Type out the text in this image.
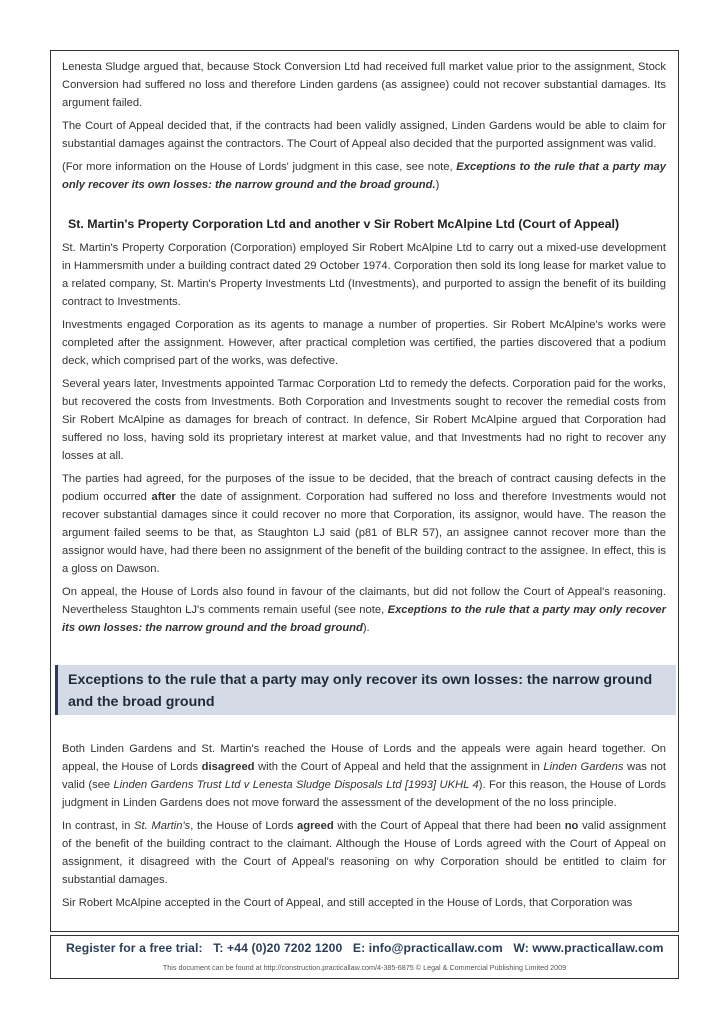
Lenesta Sludge argued that, because Stock Conversion Ltd had received full market value prior to the assignment, Stock Conversion had suffered no loss and therefore Linden gardens (as assignee) could not recover substantial damages. Its argument failed.

The Court of Appeal decided that, if the contracts had been validly assigned, Linden Gardens would be able to claim for substantial damages against the contractors. The Court of Appeal also decided that the purported assignment was valid.

(For more information on the House of Lords' judgment in this case, see note, Exceptions to the rule that a party may only recover its own losses: the narrow ground and the broad ground.)

St. Martin's Property Corporation Ltd and another v Sir Robert McAlpine Ltd (Court of Appeal)

St. Martin's Property Corporation (Corporation) employed Sir Robert McAlpine Ltd to carry out a mixed-use development in Hammersmith under a building contract dated 29 October 1974. Corporation then sold its long lease for market value to a related company, St. Martin's Property Investments Ltd (Investments), and purported to assign the benefit of its building contract to Investments.

Investments engaged Corporation as its agents to manage a number of properties. Sir Robert McAlpine's works were completed after the assignment. However, after practical completion was certified, the parties discovered that a podium deck, which comprised part of the works, was defective.

Several years later, Investments appointed Tarmac Corporation Ltd to remedy the defects. Corporation paid for the works, but recovered the costs from Investments. Both Corporation and Investments sought to recover the remedial costs from Sir Robert McAlpine as damages for breach of contract. In defence, Sir Robert McAlpine argued that Corporation had suffered no loss, having sold its proprietary interest at market value, and that Investments had no right to recover any losses at all.

The parties had agreed, for the purposes of the issue to be decided, that the breach of contract causing defects in the podium occurred after the date of assignment. Corporation had suffered no loss and therefore Investments would not recover substantial damages since it could recover no more that Corporation, its assignor, would have. The reason the argument failed seems to be that, as Staughton LJ said (p81 of BLR 57), an assignee cannot recover more than the assignor would have, had there been no assignment of the benefit of the building contract to the assignee. In effect, this is a gloss on Dawson.

On appeal, the House of Lords also found in favour of the claimants, but did not follow the Court of Appeal's reasoning. Nevertheless Staughton LJ's comments remain useful (see note, Exceptions to the rule that a party may only recover its own losses: the narrow ground and the broad ground).

Exceptions to the rule that a party may only recover its own losses: the narrow ground and the broad ground

Both Linden Gardens and St. Martin's reached the House of Lords and the appeals were again heard together. On appeal, the House of Lords disagreed with the Court of Appeal and held that the assignment in Linden Gardens was not valid (see Linden Gardens Trust Ltd v Lenesta Sludge Disposals Ltd [1993] UKHL 4). For this reason, the House of Lords judgment in Linden Gardens does not move forward the assessment of the development of the no loss principle.

In contrast, in St. Martin's, the House of Lords agreed with the Court of Appeal that there had been no valid assignment of the benefit of the building contract to the claimant. Although the House of Lords agreed with the Court of Appeal on assignment, it disagreed with the Court of Appeal's reasoning on why Corporation should be entitled to claim for substantial damages.

Sir Robert McAlpine accepted in the Court of Appeal, and still accepted in the House of Lords, that Corporation was

Register for a free trial: T: +44 (0)20 7202 1200 E: info@practicallaw.com W: www.practicallaw.com
This document can be found at http://construction.practicallaw.com/4-385-6875 © Legal & Commercial Publishing Limited 2009
